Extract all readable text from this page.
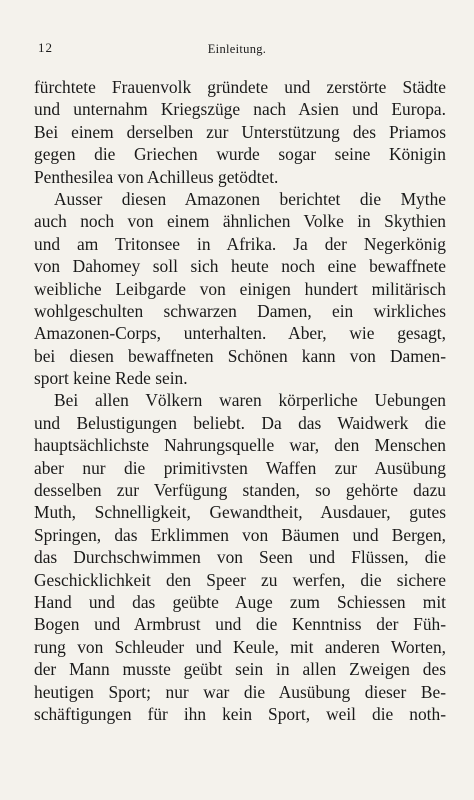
12	Einleitung.
fürchtete Frauenvolk gründete und zerstörte Städte
und unternahm Kriegszüge nach Asien und Europa.
Bei einem derselben zur Unterstützung des Priamos
gegen die Griechen wurde sogar seine Königin
Penthesilea von Achilleus getödtet.
Ausser diesen Amazonen berichtet die Mythe
auch noch von einem ähnlichen Volke in Skythien
und am Tritonsee in Afrika. Ja der Negerkönig
von Dahomey soll sich heute noch eine bewaffnete
weibliche Leibgarde von einigen hundert militärisch
wohlgeschulten schwarzen Damen, ein wirkliches
Amazonen-Corps, unterhalten. Aber, wie gesagt,
bei diesen bewaffneten Schönen kann von Damen-
sport keine Rede sein.
Bei allen Völkern waren körperliche Uebungen
und Belustigungen beliebt. Da das Waidwerk die
hauptsächlichste Nahrungsquelle war, den Menschen
aber nur die primitivsten Waffen zur Ausübung
desselben zur Verfügung standen, so gehörte dazu
Muth, Schnelligkeit, Gewandtheit, Ausdauer, gutes
Springen, das Erklimmen von Bäumen und Bergen,
das Durchschwimmen von Seen und Flüssen, die
Geschicklichkeit den Speer zu werfen, die sichere
Hand und das geübte Auge zum Schiessen mit
Bogen und Armbrust und die Kenntniss der Füh-
rung von Schleuder und Keule, mit anderen Worten,
der Mann musste geübt sein in allen Zweigen des
heutigen Sport; nur war die Ausübung dieser Be-
schäftigungen für ihn kein Sport, weil die noth-
